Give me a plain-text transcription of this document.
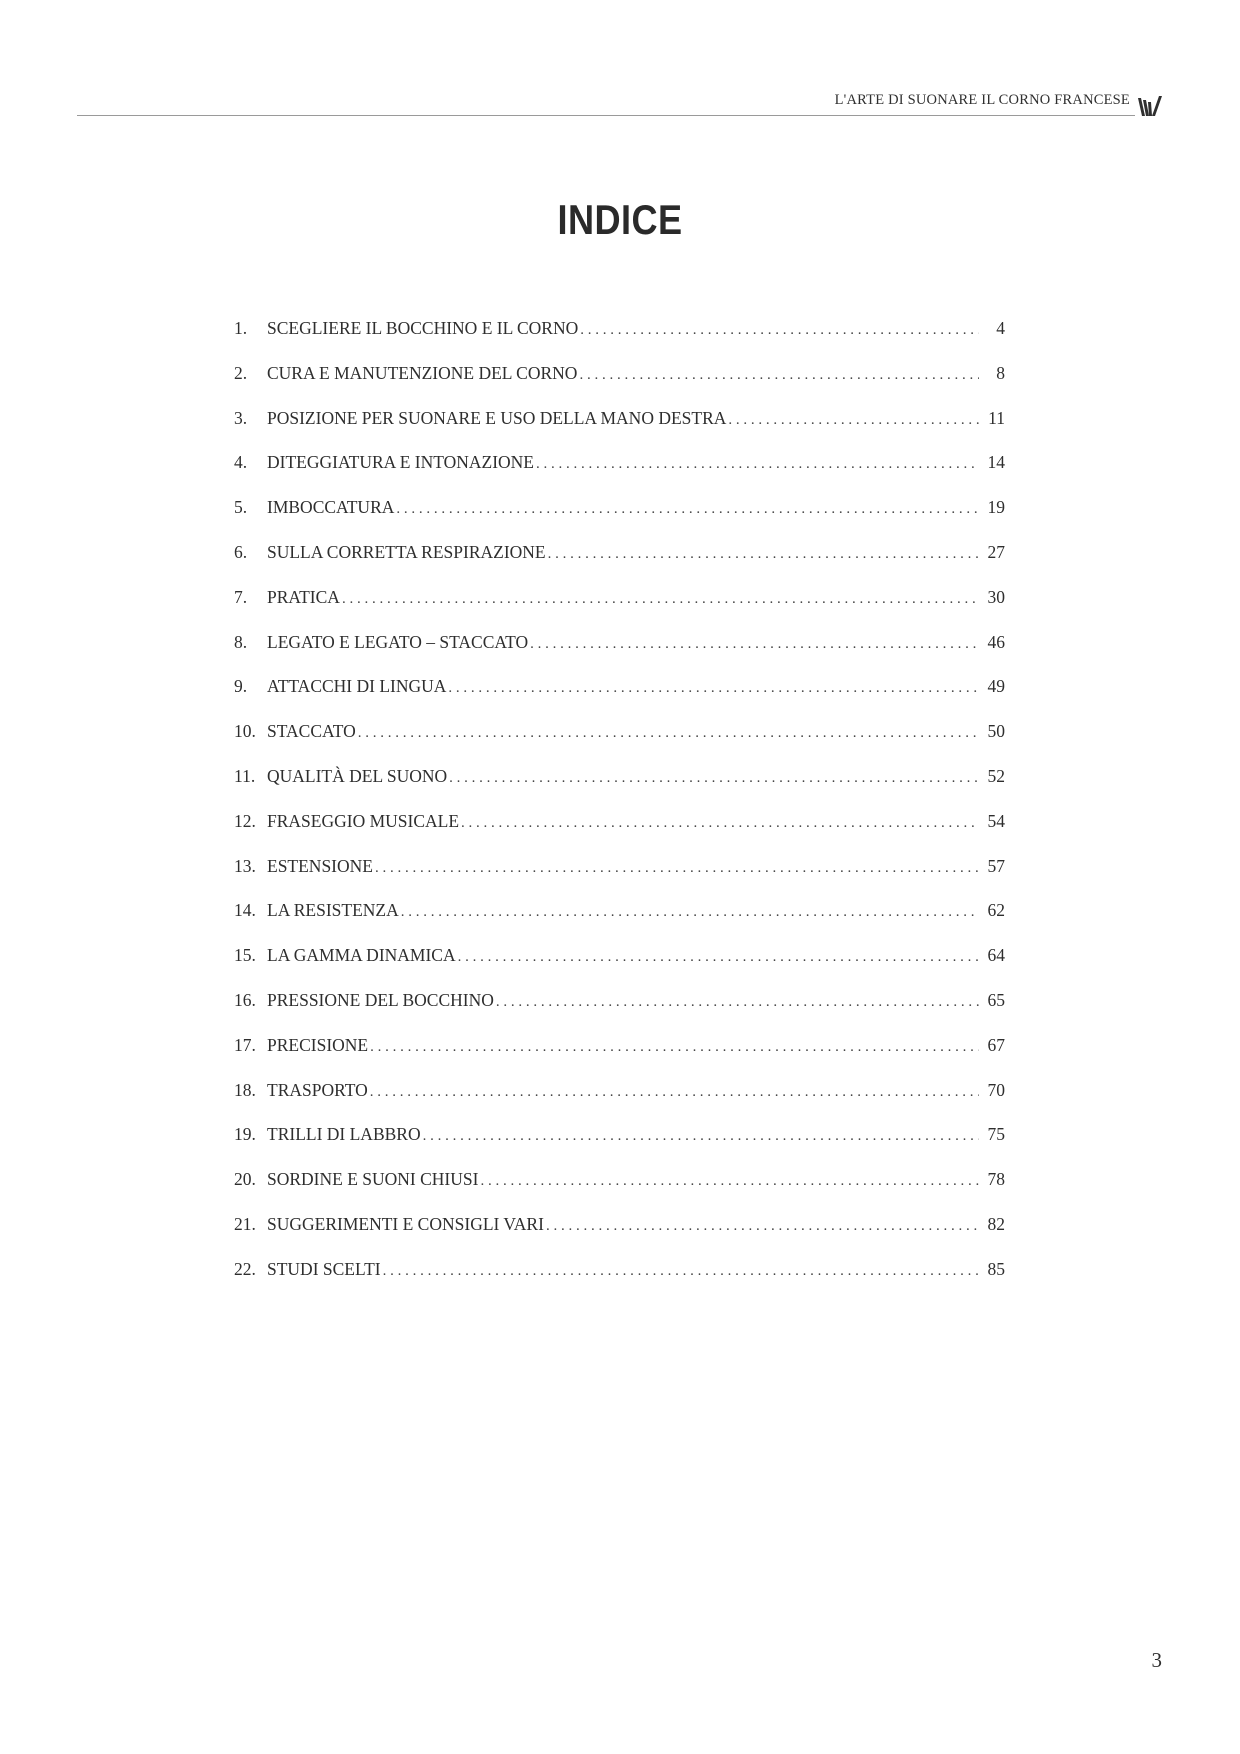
L'ARTE DI SUONARE IL CORNO FRANCESE
INDICE
1.	SCEGLIERE IL BOCCHINO E IL CORNO . . .	4
2.	CURA E MANUTENZIONE DEL CORNO . . .	8
3.	POSIZIONE PER SUONARE E USO DELLA MANO DESTRA . . .	11
4.	DITEGGIATURA E INTONAZIONE . . .	14
5.	IMBOCCATURA . . .	19
6.	SULLA CORRETTA RESPIRAZIONE . . .	27
7.	PRATICA . . .	30
8.	LEGATO E LEGATO – STACCATO . . .	46
9.	ATTACCHI DI LINGUA . . .	49
10. STACCATO . . .	50
11. QUALITÀ DEL SUONO . . .	52
12. FRASEGGIO MUSICALE . . .	54
13. ESTENSIONE . . .	57
14. LA RESISTENZA . . .	62
15. LA GAMMA DINAMICA . . .	64
16. PRESSIONE DEL BOCCHINO . . .	65
17. PRECISIONE . . .	67
18. TRASPORTO . . .	70
19. TRILLI DI LABBRO . . .	75
20. SORDINE E SUONI CHIUSI . . .	78
21. SUGGERIMENTI E CONSIGLI VARI . . .	82
22. STUDI SCELTI . . .	85
3
